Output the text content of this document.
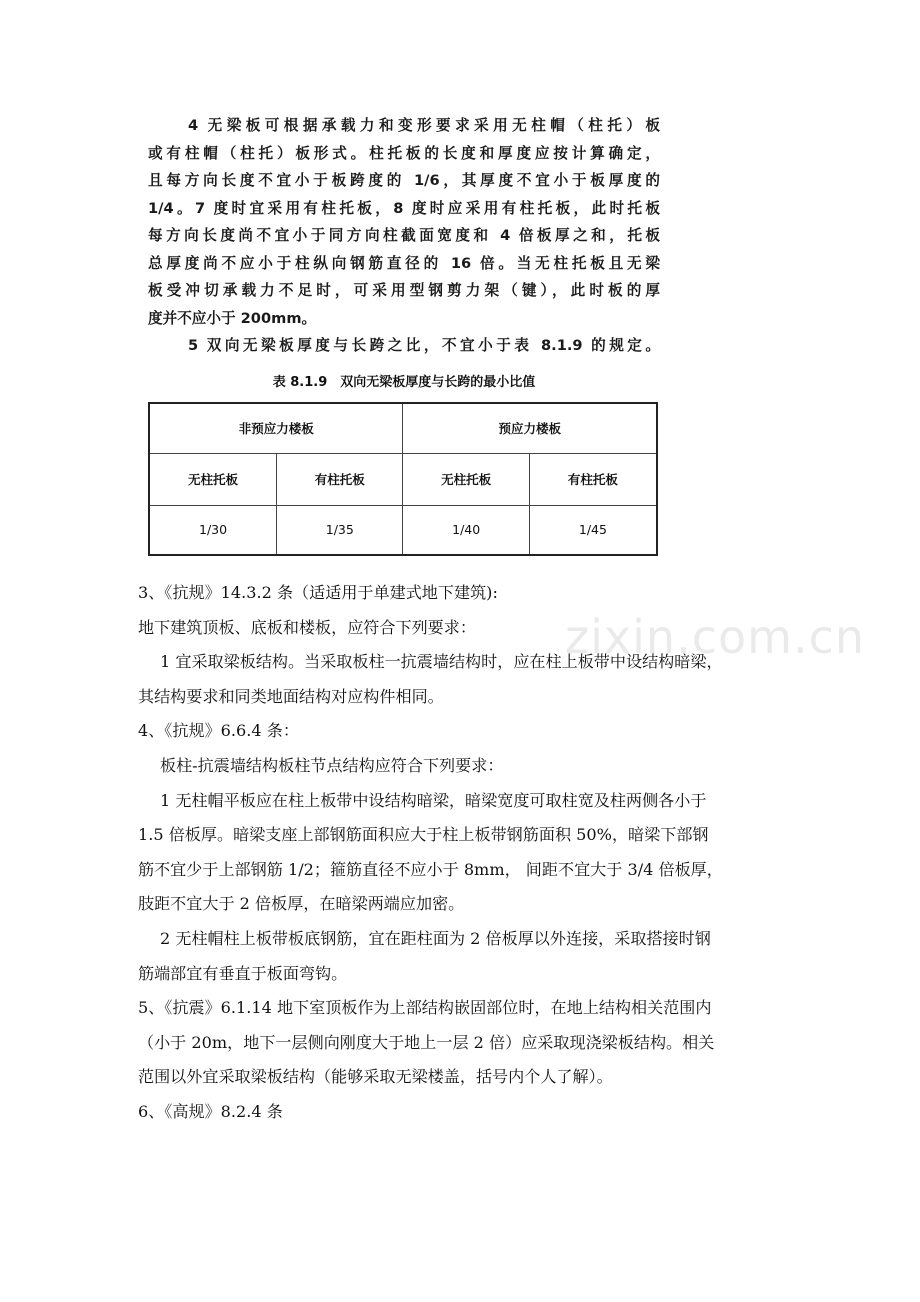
4 无梁板可根据承载力和变形要求采用无柱帽（柱托）板
或有柱帽（柱托）板形式。柱托板的长度和厚度应按计算确定，
且每方向长度不宜小于板跨度的 1/6，其厚度不宜小于板厚度的
1/4。7 度时宜采用有柱托板，8 度时应采用有柱托板，此时托板
每方向长度尚不宜小于同方向柱截面宽度和 4 倍板厚之和，托板
总厚度尚不应小于柱纵向钢筋直径的 16 倍。当无柱托板且无梁
板受冲切承载力不足时，可采用型钢剪力架（键），此时板的厚
度并不应小于 200mm。
5 双向无梁板厚度与长跨之比，不宜小于表 8.1.9 的规定。
表 8.1.9　双向无梁板厚度与长跨的最小比值
非预应力楼板		预应力楼板	
无柱托板	有柱托板	无柱托板	有柱托板
1/30	1/35	1/40	1/45
zixin.com.cn
3、《抗规》14.3.2 条（适适用于单建式地下建筑):
地下建筑顶板、底板和楼板，应符合下列要求：
1 宜采取梁板结构。当采取板柱一抗震墙结构时，应在柱上板带中设结构暗梁，
其结构要求和同类地面结构对应构件相同。
4、《抗规》6.6.4 条：
板柱-抗震墙结构板柱节点结构应符合下列要求：
1 无柱帽平板应在柱上板带中设结构暗梁，暗梁宽度可取柱宽及柱两侧各小于
1.5 倍板厚。暗梁支座上部钢筋面积应大于柱上板带钢筋面积 50%，暗梁下部钢
筋不宜少于上部钢筋 1/2；箍筋直径不应小于 8mm， 间距不宜大于 3/4 倍板厚，
肢距不宜大于 2 倍板厚，在暗梁两端应加密。
2 无柱帽柱上板带板底钢筋，宜在距柱面为 2 倍板厚以外连接，采取搭接时钢
筋端部宜有垂直于板面弯钩。
5、《抗震》6.1.14 地下室顶板作为上部结构嵌固部位时，在地上结构相关范围内
（小于 20m，地下一层侧向刚度大于地上一层 2 倍）应采取现浇梁板结构。相关
范围以外宜采取梁板结构（能够采取无梁楼盖，括号内个人了解）。
6、《高规》8.2.4 条
